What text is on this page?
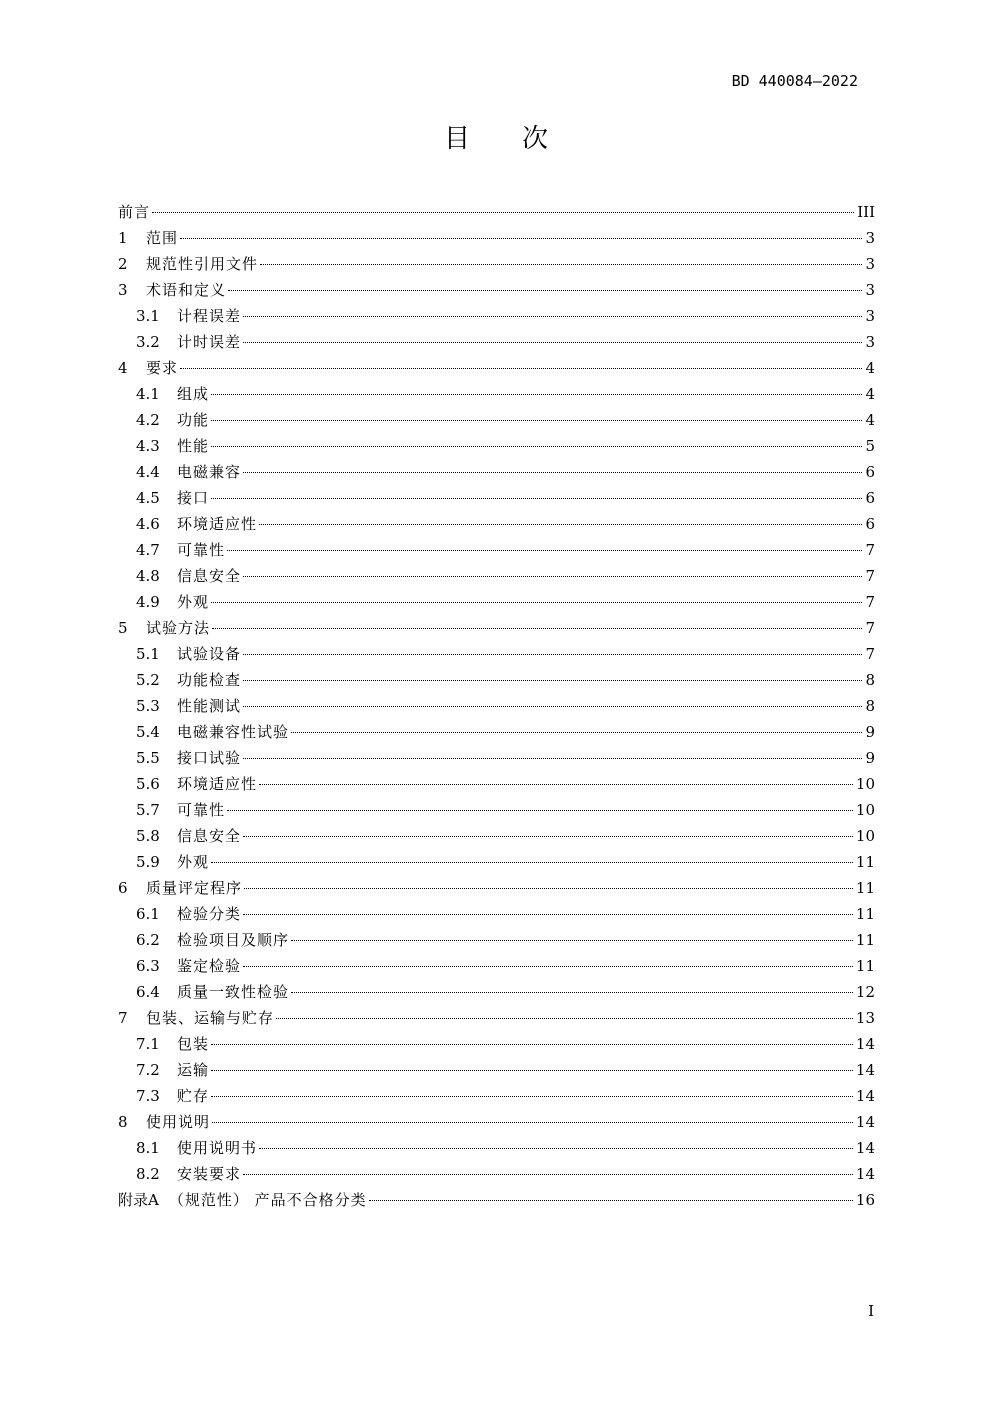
BD 440084—2022
目次
前言	III
1	范围	3
2	规范性引用文件	3
3	术语和定义	3
3.1	计程误差	3
3.2	计时误差	3
4	要求	4
4.1	组成	4
4.2	功能	4
4.3	性能	5
4.4	电磁兼容	6
4.5	接口	6
4.6	环境适应性	6
4.7	可靠性	7
4.8	信息安全	7
4.9	外观	7
5	试验方法	7
5.1	试验设备	7
5.2	功能检查	8
5.3	性能测试	8
5.4	电磁兼容性试验	9
5.5	接口试验	9
5.6	环境适应性	10
5.7	可靠性	10
5.8	信息安全	10
5.9	外观	11
6	质量评定程序	11
6.1	检验分类	11
6.2	检验项目及顺序	11
6.3	鉴定检验	11
6.4	质量一致性检验	12
7	包装、运输与贮存	13
7.1	包装	14
7.2	运输	14
7.3	贮存	14
8	使用说明	14
8.1	使用说明书	14
8.2	安装要求	14
附录A （规范性） 产品不合格分类	16
I
